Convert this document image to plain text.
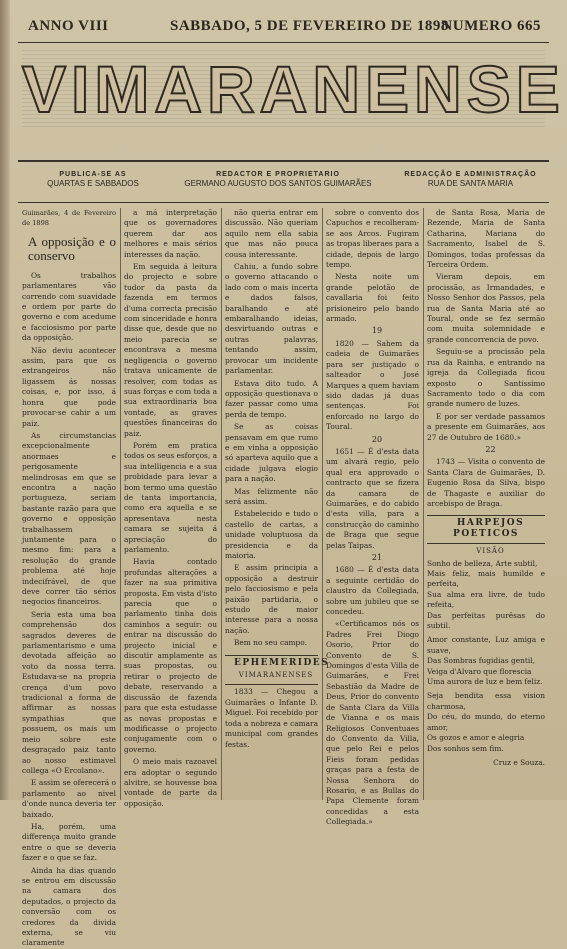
ANNO VIII	SABBADO, 5 DE FEVEREIRO DE 1898
NUMERO 665
VIMARANENSE
PUBLICA-SE AS
QUARTAS E SABBADOS
REDACTOR E PROPRIETARIO
GERMANO AUGUSTO DOS SANTOS GUIMARÃES
REDACÇÃO E ADMINISTRAÇÃO
RUA DE SANTA MARIA

Guimarães, 4 de Fevereiro de 1898

A opposição e o conservo

Os trabalhos parlamentares vão correndo com suavidade e ordem por parte do governo e com acedume e facciosismo por parte da opposição.

Não deviu acontecer assim, para que os extrangeiros não ligassem ás nossas coisas, e, por isso, á honra que pode provocar-se cahir a um paiz.

As circumstancias excepcionalmente anormaes e perigosamente melindrosas em que se encontra a nação portugueza, seriam bastante razão para que governo e opposição trabalhassem juntamente para o mesmo fim: para a resolução do grande problema até hoje indecifrável, de que deve correr tão sérios negocios financeiros.

Seria esta uma boa comprehensão dos sagrados deveres de parlamentarismo e uma devotada affeição ao voto da nossa terra. Estudava-se na propria crença d'um povo tradicional a forma de affirmar as nossas sympathias que possuem, os mais um meio sobre este desgraçado paiz tanto ao nosso estimavel collega «O Ercolano».

E assim se oferecerá o parlamento ao nivel d'onde nunca deveria ter baixado.

Ha, porém, uma differença muito grande entre o que se deveria fazer e o que se faz.

Ainda ha dias quando se entrou em discussão na camara dos deputados, o projecto da conversão com os credores da divida externa, se viu claramente

a má interpretação que os governadores querem dar aos melhores e mais sérios interesses da nação.

Em seguida á leitura do projecto e sobre tudor da pasta da fazenda em termos d'uma correcta precisão com sinceridade e honra disse que, desde que no meio parecia se encontrava a mesma negligencia o governo tratava unicamente de resolver, com todas as suas forças e com toda a sua extraordinaria boa vontade, as graves questões financeiras do paiz.

Porém em pratica todos os seus esforços, a sua intelligencia e a sua probidade para levar a bom termo uma questão de tanta importancia, como era aquella e se apresentava nesta camara se sujeita á apreciação do parlamento.

Havia contado profundas alterações a fazer na sua primitiva proposta. Em vista d'isto parecia que o parlamento tinha dois caminhos a seguir: ou entrar na discussão do projecto inicial e discutir amplamente as suas propostas, ou retirar o projecto de debate, reservando a discussão de fazenda para que esta estudasse as novas propostas e modificasse o projecto conjugamente com o governo.

O meio mais razoavel era adoptar o segundo alvitre, se houvesse boa vontade de parte da opposição.

não queria entrar em discussão. Não queriam aquilo nem ella sabia que mas não pouca cousa interessante.

Cahiu, a fundo sobre o governo attacando o lado com o mais incerta e dados falsos, baralhando e até embaralhando ideias, desvirtuando outras e outras palavras, tentando assim, provocar um incidente parlamentar.

Estava dito tudo. A opposição questionava o fazer passar como uma perda de tempo.

Se as coisas pensavam em que rumo e em vinha a opposição só aparteva aquilo que a cidade julgava elogio para a nação.

Mas felizmente não será assim.

Estabelecido e tudo o castello de cartas, a unidade voluptuosa da presidencia e da maioria.

E assim principia a opposição a destruir pelo facciosismo e pela paixão partidaria, o estudo de maior interesse para a nossa nação.

Bem no seu campo.

EPHEMERIDES

VIMARANENSES

1833 — Chegou a Guimarães o Infante D. Miguel. Foi recebido por toda a nobreza e camara municipal com grandes festas.

sobre o convento dos Capuchos e recolheram-se aos Arcos. Fugiram as tropas liberaes para a cidade, depois de largo tempo.

Nesta noite um grande pelotão de cavallaria foi feito prisioneiro pelo bando armado.

19

1820 — Sahem da cadeia de Guimarães para ser justiçado o salteador o José Marques a quem haviam sido dadas já duas sentenças. Foi enforcado no largo do Toural.

20

1651 — É d'esta data um alvará regio, pelo qual era approvado o contracto que se fizera da camara de Guimarães, e do cabido d'esta villa, para a construcção do caminho de Braga que segue pelas Taipas.

21

1680 — É d'esta data a seguinte certidão do claustro da Collegiada, sobre um jubileu que se concedeu.

«Certificamos nós os Padres Frei Diogo Osorio, Prior do Convento de S. Domingos d'esta Villa de Guimarães, e Frei Sebastião da Madre de Deus, Prior do convento de Santa Clara da Villa de Vianna e os mais Religiosos Conventuaes do Convento da Villa, que pelo Rei e pelos Fieis foram pedidas graças para a festa de Nossa Senhora do Rosario, e as Bullas do Papa Clemente foram concedidas a esta Collegiada.»

de Santa Rosa, Maria de Rezende, Maria de Santa Catharina, Mariana do Sacramento, Isabel de S. Domingos, todas professas da Terceira Ordem.

Vieram depois, em procissão, as Irmandades, e Nosso Senhor dos Passos, pela rua de Santa Maria até ao Toural, onde se fez sermão com muita solemnidade e grande concorrencia de povo.

Seguiu-se a procissão pela rua da Rainha, e entrando na igreja da Collegiada ficou exposto o Santissimo Sacramento todo o dia com grande numero de luzes.

E por ser verdade passamos a presente em Guimarães, aos 27 de Outubro de 1680.»

22

1743 — Visita o convento de Santa Clara de Guimarães, D. Eugenio Rosa da Silva, bispo de Thagaste e auxiliar do arcebispo de Braga.

HARPEJOS POETICOS

VISÃO

Sonho de belleza, Arte subtil,

Mais feliz, mais humilde e perfeita,

Sua alma era livre, de tudo refeita,

Das perfeitas purêsas do subtil.

Amor constante, Luz amiga e suave,

Das Sombras fugidias gentil,

Veiga d'Alvaro que florescia

Uma aurora de luz e bem feliz.

Seja bendita essa vision charmosa,

Do céu, do mundo, do eterno amor,

Os gozos e amor e alegria

Dos sonhos sem fim.

Cruz e Souza.
